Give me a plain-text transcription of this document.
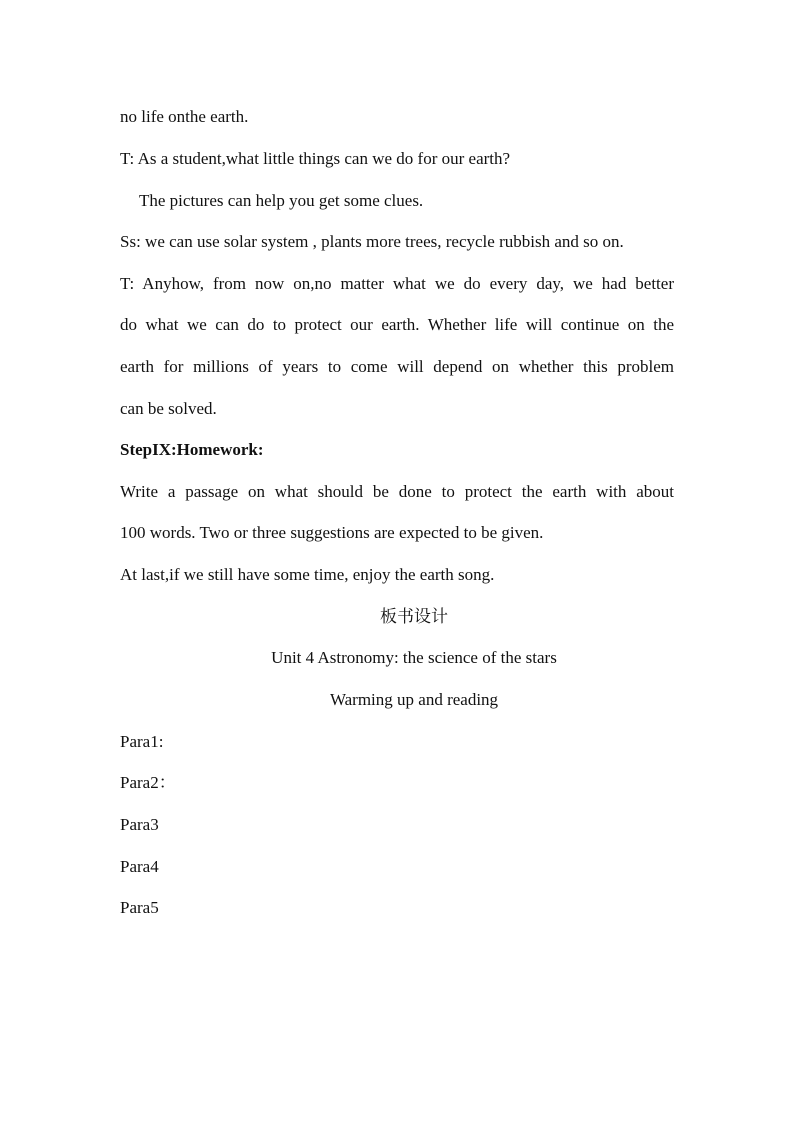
no life onthe earth.
T: As a student,what little things can we do for our earth?
The pictures can help you get some clues.
Ss: we can use solar system , plants more trees, recycle rubbish and so on.
T: Anyhow, from now on,no matter what we do every day, we had better
do what we can do to protect our earth. Whether life will continue on the
earth for millions of years to come will depend on whether this problem
can be solved.
StepIX:Homework:
Write a passage on what should be done to protect the earth with about
100 words. Two or three suggestions are expected to be given.
At last,if we still have some time, enjoy the earth song.
板书设计
Unit 4 Astronomy: the science of the stars
Warming up and reading
Para1:
Para2：
Para3
Para4
Para5
